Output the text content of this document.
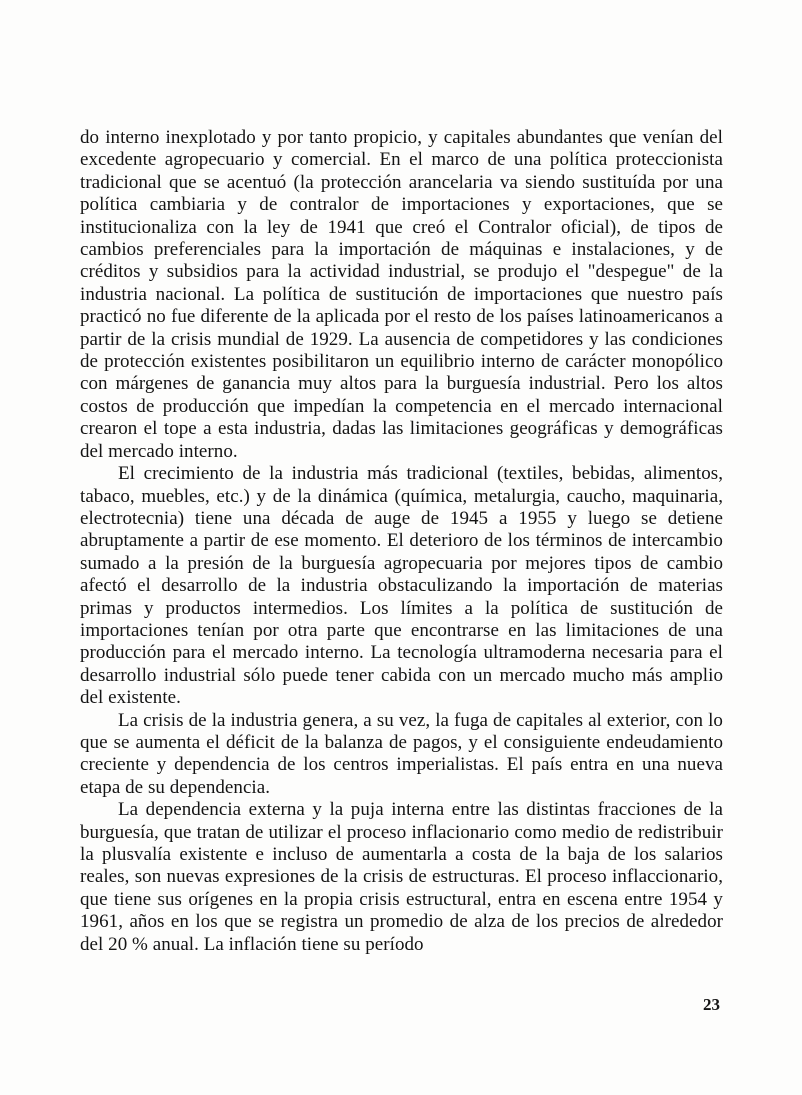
do interno inexplotado y por tanto propicio, y capitales abundantes que venían del excedente agropecuario y comercial. En el marco de una política proteccionista tradicional que se acentuó (la protección arancelaria va siendo sustituída por una política cambiaria y de contralor de importaciones y exportaciones, que se institucionaliza con la ley de 1941 que creó el Contralor oficial), de tipos de cambios preferenciales para la importación de máquinas e instalaciones, y de créditos y subsidios para la actividad industrial, se produjo el "despegue" de la industria nacional. La política de sustitución de importaciones que nuestro país practicó no fue diferente de la aplicada por el resto de los países latinoamericanos a partir de la crisis mundial de 1929. La ausencia de competidores y las condiciones de protección existentes posibilitaron un equilibrio interno de carácter monopólico con márgenes de ganancia muy altos para la burguesía industrial. Pero los altos costos de producción que impedían la competencia en el mercado internacional crearon el tope a esta industria, dadas las limitaciones geográficas y demográficas del mercado interno.

El crecimiento de la industria más tradicional (textiles, bebidas, alimentos, tabaco, muebles, etc.) y de la dinámica (química, metalurgia, caucho, maquinaria, electrotecnia) tiene una década de auge de 1945 a 1955 y luego se detiene abruptamente a partir de ese momento. El deterioro de los términos de intercambio sumado a la presión de la burguesía agropecuaria por mejores tipos de cambio afectó el desarrollo de la industria obstaculizando la importación de materias primas y productos intermedios. Los límites a la política de sustitución de importaciones tenían por otra parte que encontrarse en las limitaciones de una producción para el mercado interno. La tecnología ultramoderna necesaria para el desarrollo industrial sólo puede tener cabida con un mercado mucho más amplio del existente.

La crisis de la industria genera, a su vez, la fuga de capitales al exterior, con lo que se aumenta el déficit de la balanza de pagos, y el consiguiente endeudamiento creciente y dependencia de los centros imperialistas. El país entra en una nueva etapa de su dependencia.

La dependencia externa y la puja interna entre las distintas fracciones de la burguesía, que tratan de utilizar el proceso inflacionario como medio de redistribuir la plusvalía existente e incluso de aumentarla a costa de la baja de los salarios reales, son nuevas expresiones de la crisis de estructuras. El proceso inflaccionario, que tiene sus orígenes en la propia crisis estructural, entra en escena entre 1954 y 1961, años en los que se registra un promedio de alza de los precios de alrededor del 20 % anual. La inflación tiene su período

23
